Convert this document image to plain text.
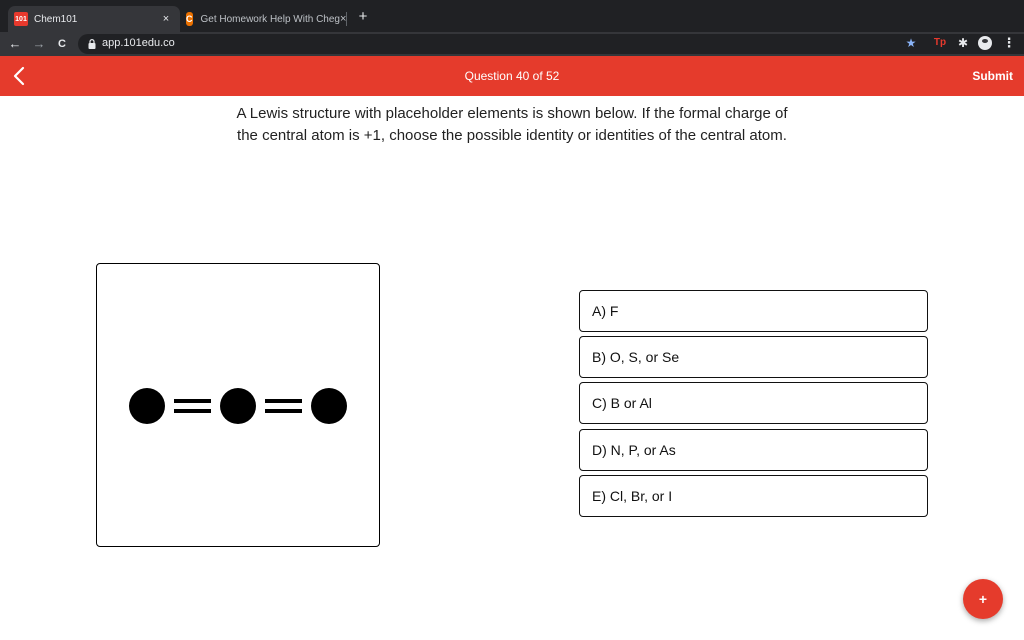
101 Chem101	×	C Get Homework Help With Cheg × +
← →	C	app.101edu.co	★ Tp ✱	⋮
Question 40 of 52	Submit
A Lewis structure with placeholder elements is shown below. If the formal charge of the central atom is +1, choose the possible identity or identities of the central atom.
A) F
B) O, S, or Se
C) B or Al
D) N, P, or As
E) Cl, Br, or I
+
